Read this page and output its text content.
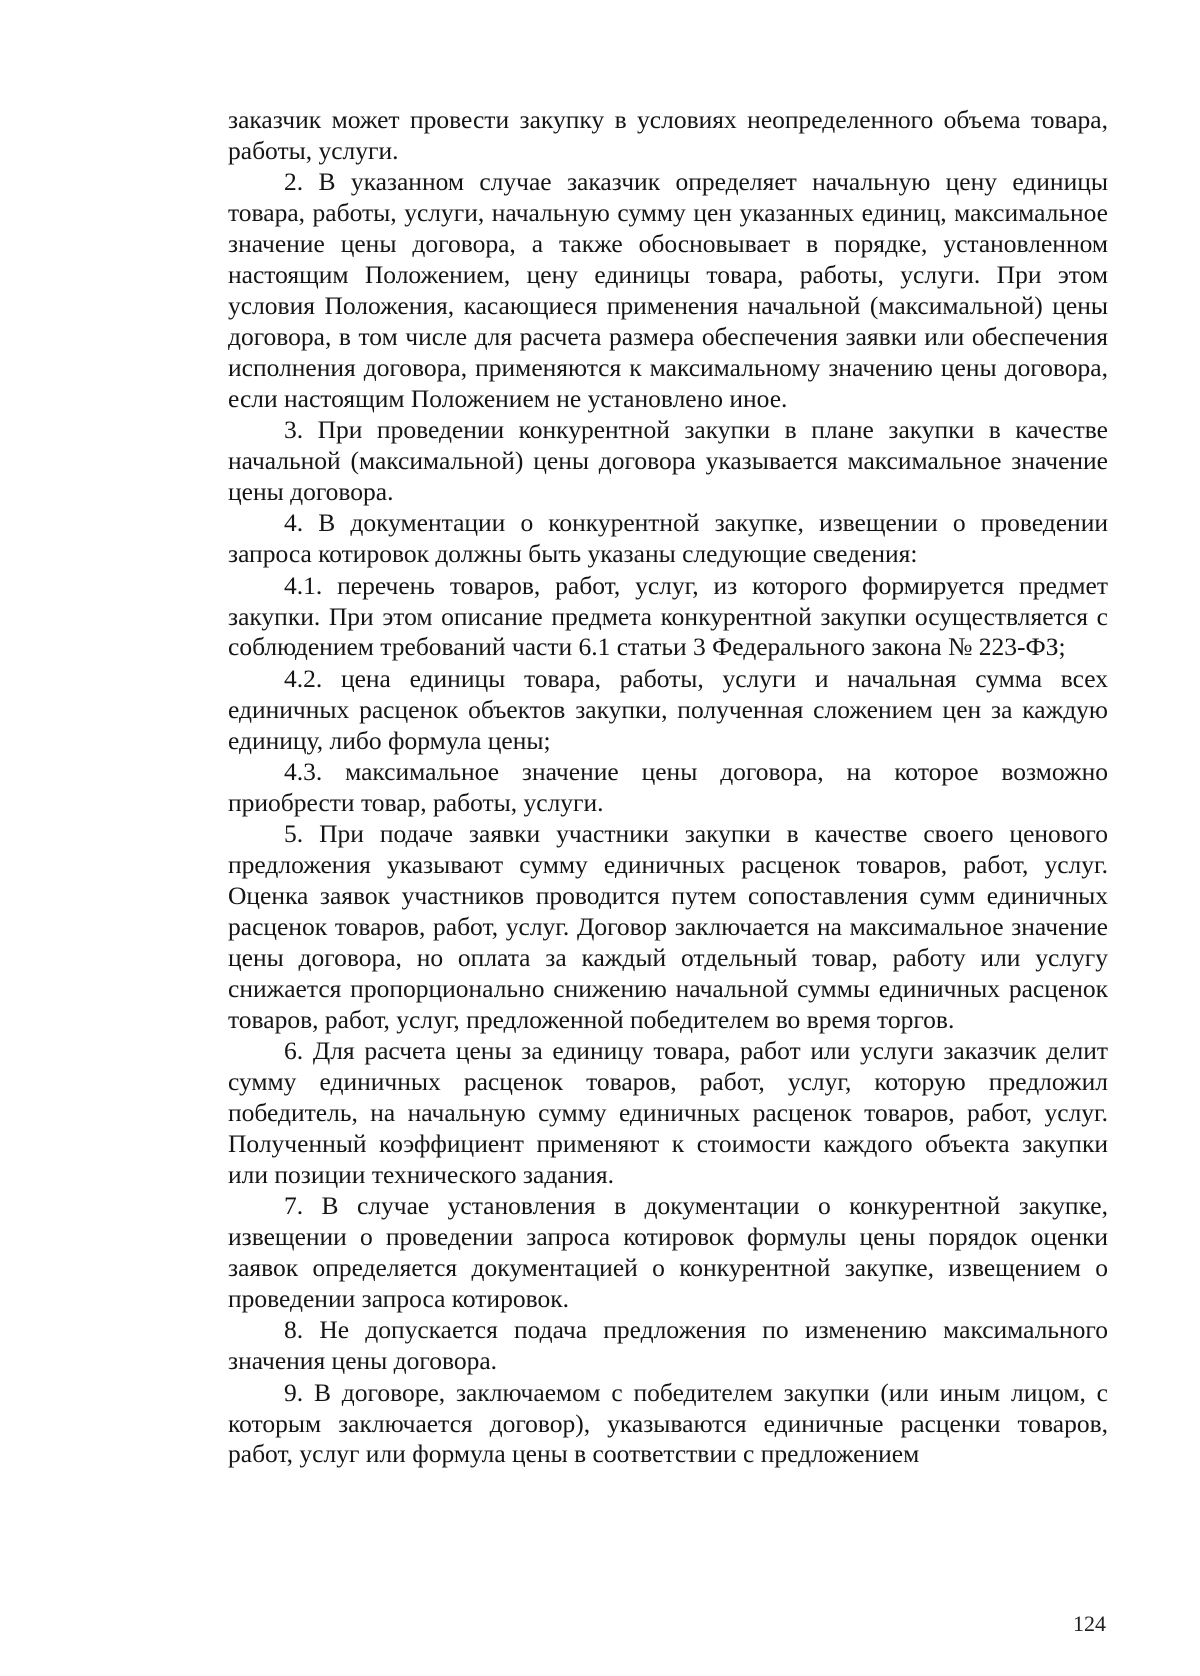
заказчик может провести закупку в условиях неопределенного объема товара, работы, услуги.

2. В указанном случае заказчик определяет начальную цену единицы товара, работы, услуги, начальную сумму цен указанных единиц, максимальное значение цены договора, а также обосновывает в порядке, установленном настоящим Положением, цену единицы товара, работы, услуги. При этом условия Положения, касающиеся применения начальной (максимальной) цены договора, в том числе для расчета размера обеспечения заявки или обеспечения исполнения договора, применяются к максимальному значению цены договора, если настоящим Положением не установлено иное.

3. При проведении конкурентной закупки в плане закупки в качестве начальной (максимальной) цены договора указывается максимальное значение цены договора.

4. В документации о конкурентной закупке, извещении о проведении запроса котировок должны быть указаны следующие сведения:

4.1. перечень товаров, работ, услуг, из которого формируется предмет закупки. При этом описание предмета конкурентной закупки осуществляется с соблюдением требований части 6.1 статьи 3 Федерального закона № 223-ФЗ;

4.2. цена единицы товара, работы, услуги и начальная сумма всех единичных расценок объектов закупки, полученная сложением цен за каждую единицу, либо формула цены;

4.3. максимальное значение цены договора, на которое возможно приобрести товар, работы, услуги.

5. При подаче заявки участники закупки в качестве своего ценового предложения указывают сумму единичных расценок товаров, работ, услуг. Оценка заявок участников проводится путем сопоставления сумм единичных расценок товаров, работ, услуг. Договор заключается на максимальное значение цены договора, но оплата за каждый отдельный товар, работу или услугу снижается пропорционально снижению начальной суммы единичных расценок товаров, работ, услуг, предложенной победителем во время торгов.

6. Для расчета цены за единицу товара, работ или услуги заказчик делит сумму единичных расценок товаров, работ, услуг, которую предложил победитель, на начальную сумму единичных расценок товаров, работ, услуг. Полученный коэффициент применяют к стоимости каждого объекта закупки или позиции технического задания.

7. В случае установления в документации о конкурентной закупке, извещении о проведении запроса котировок формулы цены порядок оценки заявок определяется документацией о конкурентной закупке, извещением о проведении запроса котировок.

8. Не допускается подача предложения по изменению максимального значения цены договора.

9. В договоре, заключаемом с победителем закупки (или иным лицом, с которым заключается договор), указываются единичные расценки товаров, работ, услуг или формула цены в соответствии с предложением

124
